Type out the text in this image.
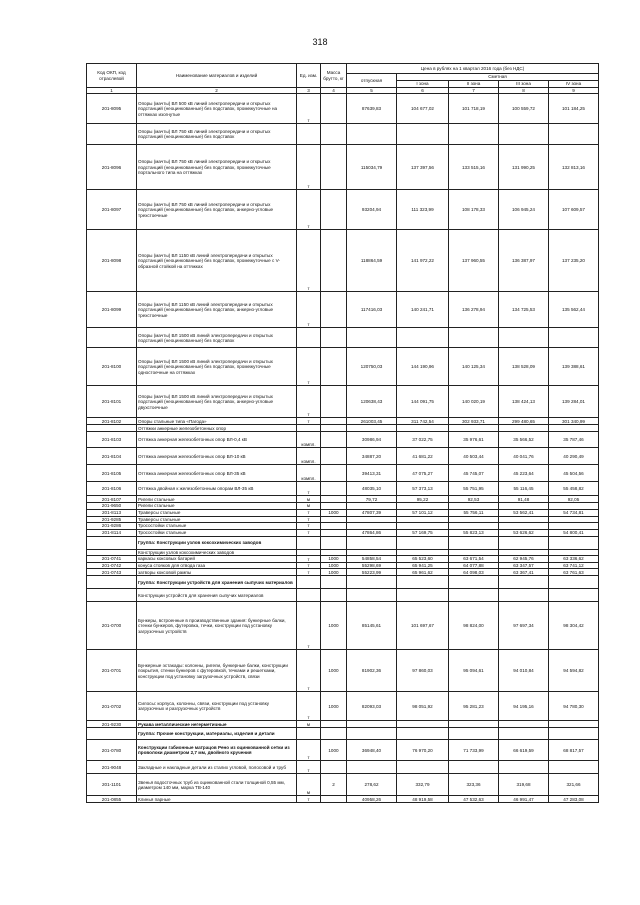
318
Код ОКП, код отраслевой	Наименование материалов и изделий	Ед. изм.	Масса брутто, кг	Цена в рублях на 1 квартал 2016 года (без НДС)				
				отпускная	Сметная			
					I зона	II зона	III зона	IV зона
1	2	3	4	5	6	7	8	9
201-8095	Опоры (мачты) ВЛ 500 кВ линий электропередачи и открытых подстанций (неоцинкованные) без подставок, промежуточные на оттяжках изогнутые	т		87639,83	104 677,02	101 718,19	100 559,72	101 184,25
	Опоры (мачты) ВЛ 750 кВ линий электропередачи и открытых подстанций (неоцинкованные) без подставок							
201-8096	Опоры (мачты) ВЛ 750 кВ линий электропередачи и открытых подстанций (неоцинкованные) без подставок, промежуточные портального типа на оттяжках	т		115034,79	137 397,56	133 515,16	131 990,25	132 813,16
201-8097	Опоры (мачты) ВЛ 750 кВ линий электропередачи и открытых подстанций (неоцинкованные) без подставок, анкерно-угловые трехстоечные	т		93204,94	111 323,99	108 178,33	106 945,24	107 609,57
201-8098	Опоры (мачты) ВЛ 1150 кВ линий электропередачи и открытых подстанций (неоцинкованные) без подставок, промежуточные с V-образной стойкой на оттяжках	т		118864,59	141 972,22	137 960,55	136 387,97	137 235,20
201-8099	Опоры (мачты) ВЛ 1150 кВ линий электропередачи и открытых подстанций (неоцинкованные) без подставок, анкерно-угловые трехстоечные	т		117416,03	140 241,71	136 278,94	134 725,53	135 562,44
	Опоры (мачты) ВЛ 1500 кВ линий электропередачи и открытых подстанций (неоцинкованные) без подставок							
201-8100	Опоры (мачты) ВЛ 1500 кВ линий электропередачи и открытых подстанций (неоцинкованные) без подставок, промежуточные одностоечные на оттяжках	т		120750,03	144 190,96	140 125,34	138 528,09	139 388,61
201-8101	Опоры (мачты) ВЛ 1500 кВ линий электропередачи и открытых подстанций (неоцинкованные) без подставок, анкерно-угловые двухстоечные	т		120638,43	144 091,75	140 020,19	138 424,13	139 284,01
201-8102	Опоры стальные типа «Пагода»	т		261003,45	311 742,54	302 933,71	299 480,65	301 340,99
	Оттяжки анкерные железобетонных опор							
201-8103	Оттяжка анкерная железобетонных опор ВЛ-0,4 кВ	компл.		30986,94	37 022,75	35 976,61	35 566,52	35 787,46
201-8104	Оттяжка анкерная железобетонных опор ВЛ-10 кВ	компл.		34887,20	41 681,22	40 503,44	40 041,76	40 290,49
201-8105	Оттяжка анкерная железобетонных опор ВЛ-35 кВ	компл.		39413,31	47 075,27	45 745,07	45 223,64	45 504,56
201-8106	Оттяжка двойная к железобетонным опорам ВЛ-35 кВ	т		48035,10	57 373,13	55 751,95	55 116,45	55 458,82
201-8107	Ригели стальные	м		79,72	95,22	92,53	91,48	92,05
201-9650	Ригели стальные	м						
201-8113	Траверсы стальные	т	1000	47807,39	57 101,12	55 756,11	53 562,41	54 734,81
201-9285	Траверсы стальные	т						
201-9286	Тросостойки стальные	т						
201-8114	Тросостойки стальные	т		47864,86	57 169,75	55 823,13	53 626,62	54 800,41
	Группа: Конструкции узлов коксохимических заводов							
	Конструкции узлов коксохимических заводов							
201-0741	каркасы коксовых батарей	т	1000	54858,54	65 523,60	63 671,54	62 945,76	63 336,62
201-0742	конуса стояков для отвода газа	т	1000	55298,69	65 941,25	64 077,88	63 347,57	63 741,12
201-0743	затворы коксовой рампы	т	1000	55223,99	65 961,62	64 098,03	63 367,41	63 761,63
	Группа: Конструкции устройств для хранения сыпучих материалов							
	Конструкции устройств для хранения сыпучих материалов							
201-0700	Бункеры, встроенные в производственные здания: бункерные балки, стенки бункеров, футеровка, течки, конструкции под установку загрузочных устройств	т	1000	85145,61	101 697,67	98 824,00	97 697,34	98 304,42
201-0701	Бункерные эстакады: колонны, ригели, бункерные балки, конструкции покрытия, стенки бункеров с футеровкой, течками и решетками, конструкции под установку загрузочных устройств, связи	т	1000	81902,36	97 860,03	95 094,61	94 010,84	94 594,82
201-0702	Силосы: корпуса, колонны, связи, конструкции под установку загрузочных и разгрузочных устройств	т	1000	82093,03	98 051,92	95 281,23	94 195,16	94 780,30
201-9230	Рукава металлические негерметичные	м						
	Группа: Прочие конструкции, материалы, изделия и детали							
201-0780	Конструкции габионные матрацов Рено из оцинкованной сетки из проволоки диаметром 2,7 мм, двойного кручения	т	1000	36948,40	76 970,20	71 733,99	66 619,59	68 817,57
201-9048	Закладные и накладные детали из сталих угловой, полосовой и труб	т						
201-1101	Звенья водосточных труб из оцинкованной стали толщиной 0,55 мм, диаметром 140 мм, марка ТВ-140	м	2	278,62	332,79	323,36	319,68	321,66
201-0855	Клинья парные	т		40958,26	48 919,58	47 532,63	46 991,47	47 283,08
